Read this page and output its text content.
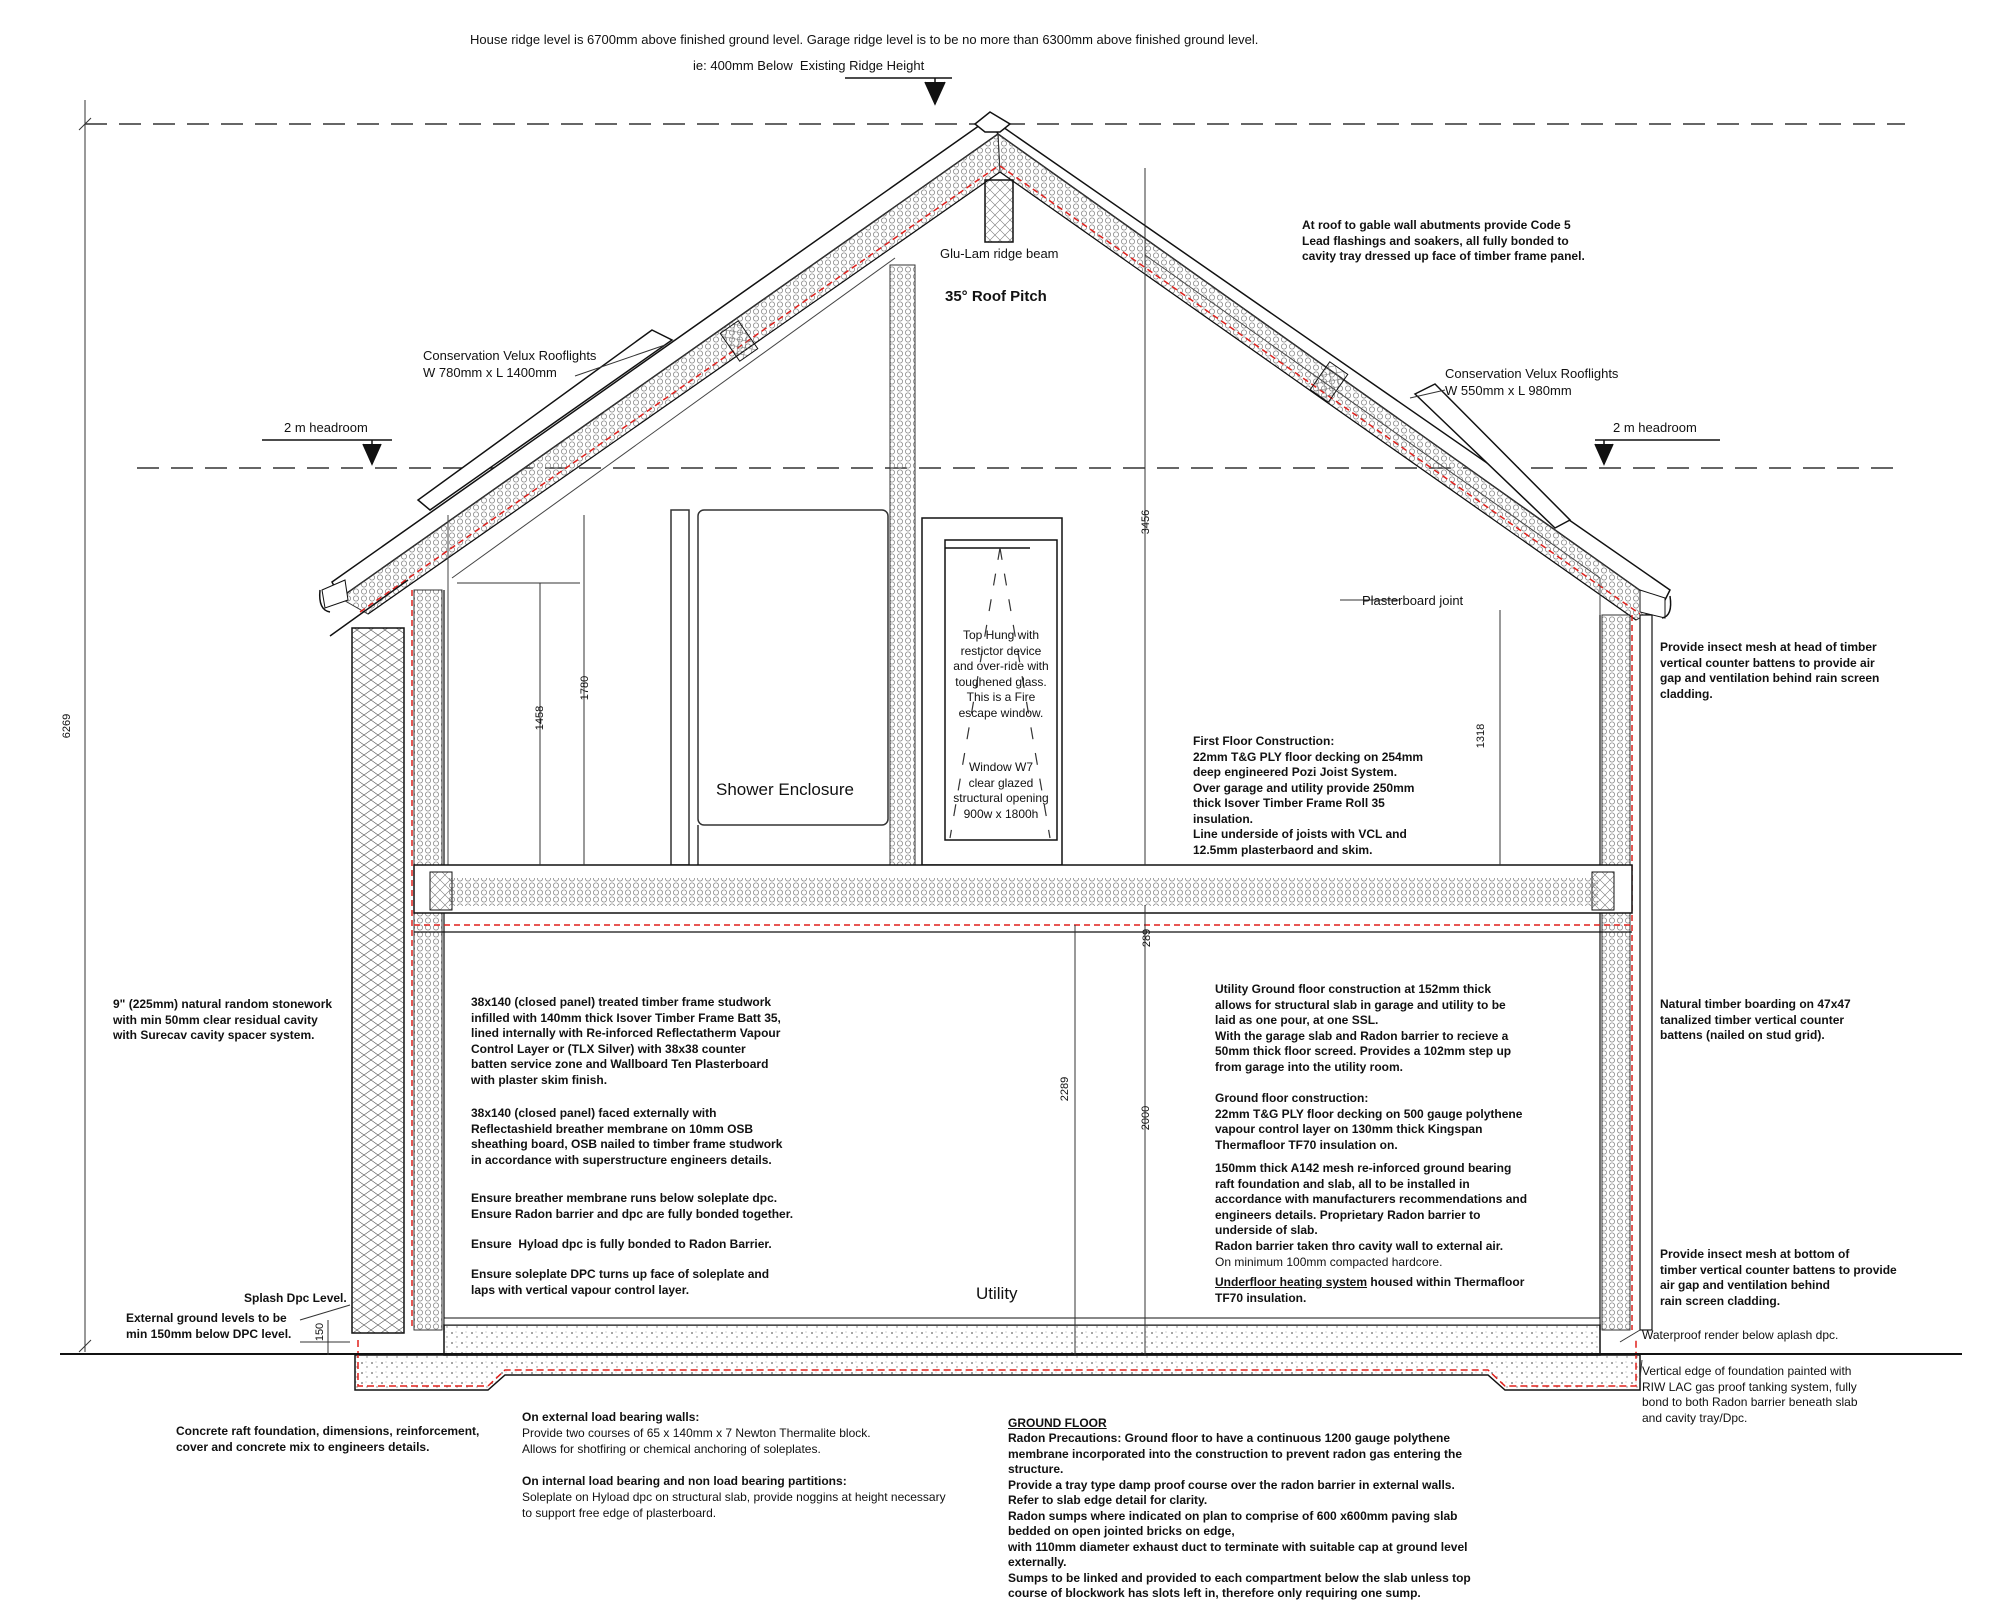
House ridge level is 6700mm above finished ground level. Garage ridge level is to be no more than 6300mm above finished ground level.
ie: 400mm Below  Existing Ridge Height
Glu-Lam ridge beam
35° Roof Pitch
Conservation Velux Rooflights
W 780mm x L 1400mm	Conservation Velux Rooflights
W 550mm x L 980mm
2 m headroom	2 m headroom
At roof to gable wall abutments provide Code 5
Lead flashings and soakers, all fully bonded to
cavity tray dressed up face of timber frame panel.
Shower Enclosure
Top Hung with
restictor device
and over-ride with
toughened glass.
This is a Fire
escape window.
Window W7
clear glazed
structural opening
900w x 1800h
Utility
Plasterboard joint
6269	1458
1780
3456
1318
289
2289
2000
150
First Floor Construction:
22mm T&G PLY floor decking on 254mm
deep engineered Pozi Joist System.
Over garage and utility provide 250mm
thick Isover Timber Frame Roll 35
insulation.
Line underside of joists with VCL and
12.5mm plasterbaord and skim.
Provide insect mesh at head of timber
vertical counter battens to provide air
gap and ventilation behind rain screen
cladding.
9" (225mm) natural random stonework
with min 50mm clear residual cavity
with Surecav cavity spacer system.
38x140 (closed panel) treated timber frame studwork
infilled with 140mm thick Isover Timber Frame Batt 35,
lined internally with Re-inforced Reflectatherm Vapour
Control Layer or (TLX Silver) with 38x38 counter
batten service zone and Wallboard Ten Plasterboard
with plaster skim finish.
38x140 (closed panel) faced externally with
Reflectashield breather membrane on 10mm OSB
sheathing board, OSB nailed to timber frame studwork
in accordance with superstructure engineers details.
Ensure breather membrane runs below soleplate dpc.
Ensure Radon barrier and dpc are fully bonded together.
Ensure  Hyload dpc is fully bonded to Radon Barrier.
Ensure soleplate DPC turns up face of soleplate and
laps with vertical vapour control layer.
Utility Ground floor construction at 152mm thick
allows for structural slab in garage and utility to be
laid as one pour, at one SSL.
With the garage slab and Radon barrier to recieve a
50mm thick floor screed. Provides a 102mm step up
from garage into the utility room.
Ground floor construction:
22mm T&G PLY floor decking on 500 gauge polythene
vapour control layer on 130mm thick Kingspan
Thermafloor TF70 insulation on.
150mm thick A142 mesh re-inforced ground bearing
raft foundation and slab, all to be installed in
accordance with manufacturers recommendations and
engineers details. Proprietary Radon barrier to
underside of slab.
Radon barrier taken thro cavity wall to external air.
On minimum 100mm compacted hardcore.
Underfloor heating system housed within Thermafloor
TF70 insulation.
Natural timber boarding on 47x47
tanalized timber vertical counter
battens (nailed on stud grid).
Provide insect mesh at bottom of
timber vertical counter battens to provide
air gap and ventilation behind
rain screen cladding.
Splash Dpc Level.
External ground levels to be
min 150mm below DPC level.	Waterproof render below aplash dpc.
Vertical edge of foundation painted with
RIW LAC gas proof tanking system, fully
bond to both Radon barrier beneath slab
and cavity tray/Dpc.
Concrete raft foundation, dimensions, reinforcement,
cover and concrete mix to engineers details.
On external load bearing walls:
Provide two courses of 65 x 140mm x 7 Newton Thermalite block.
Allows for shotfiring or chemical anchoring of soleplates.
On internal load bearing and non load bearing partitions:
Soleplate on Hyload dpc on structural slab, provide noggins at height necessary
to support free edge of plasterboard.
GROUND FLOOR
Radon Precautions: Ground floor to have a continuous 1200 gauge polythene
membrane incorporated into the construction to prevent radon gas entering the
structure.
Provide a tray type damp proof course over the radon barrier in external walls.
Refer to slab edge detail for clarity.
Radon sumps where indicated on plan to comprise of 600 x600mm paving slab
bedded on open jointed bricks on edge,
with 110mm diameter exhaust duct to terminate with suitable cap at ground level
externally.
Sumps to be linked and provided to each compartment below the slab unless top
course of blockwork has slots left in, therefore only requiring one sump.
